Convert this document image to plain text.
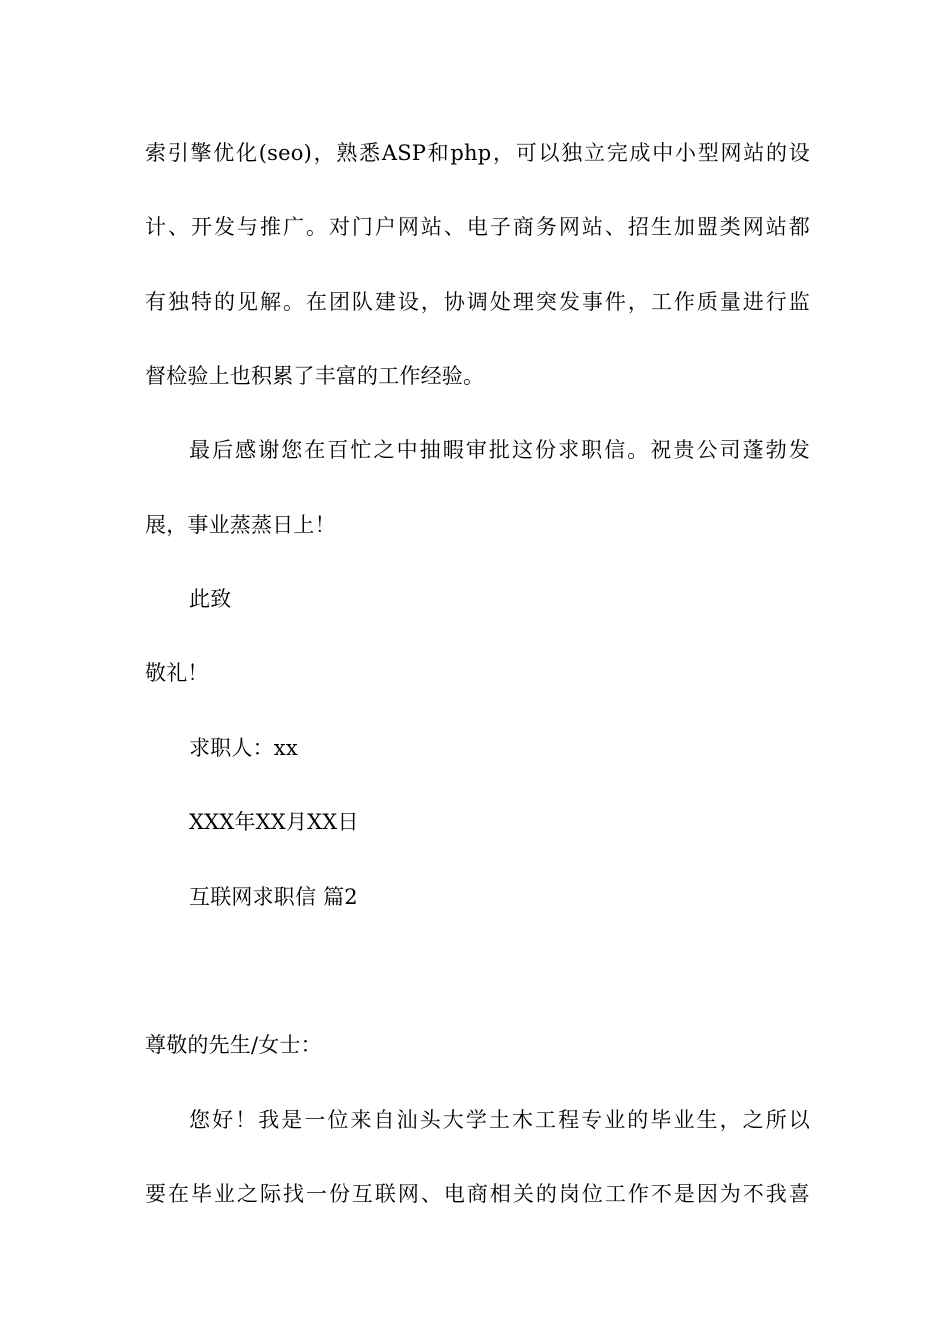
索引擎优化(seo)，熟悉ASP和php，可以独立完成中小型网站的设
计、开发与推广。对门户网站、电子商务网站、招生加盟类网站都
有独特的见解。在团队建设，协调处理突发事件，工作质量进行监
督检验上也积累了丰富的工作经验。
最后感谢您在百忙之中抽暇审批这份求职信。祝贵公司蓬勃发
展，事业蒸蒸日上！
此致
敬礼！
求职人：xx
XXX年XX月XX日
互联网求职信 篇2
尊敬的先生/女士：
您好！我是一位来自汕头大学土木工程专业的毕业生，之所以
要在毕业之际找一份互联网、电商相关的岗位工作不是因为不我喜
